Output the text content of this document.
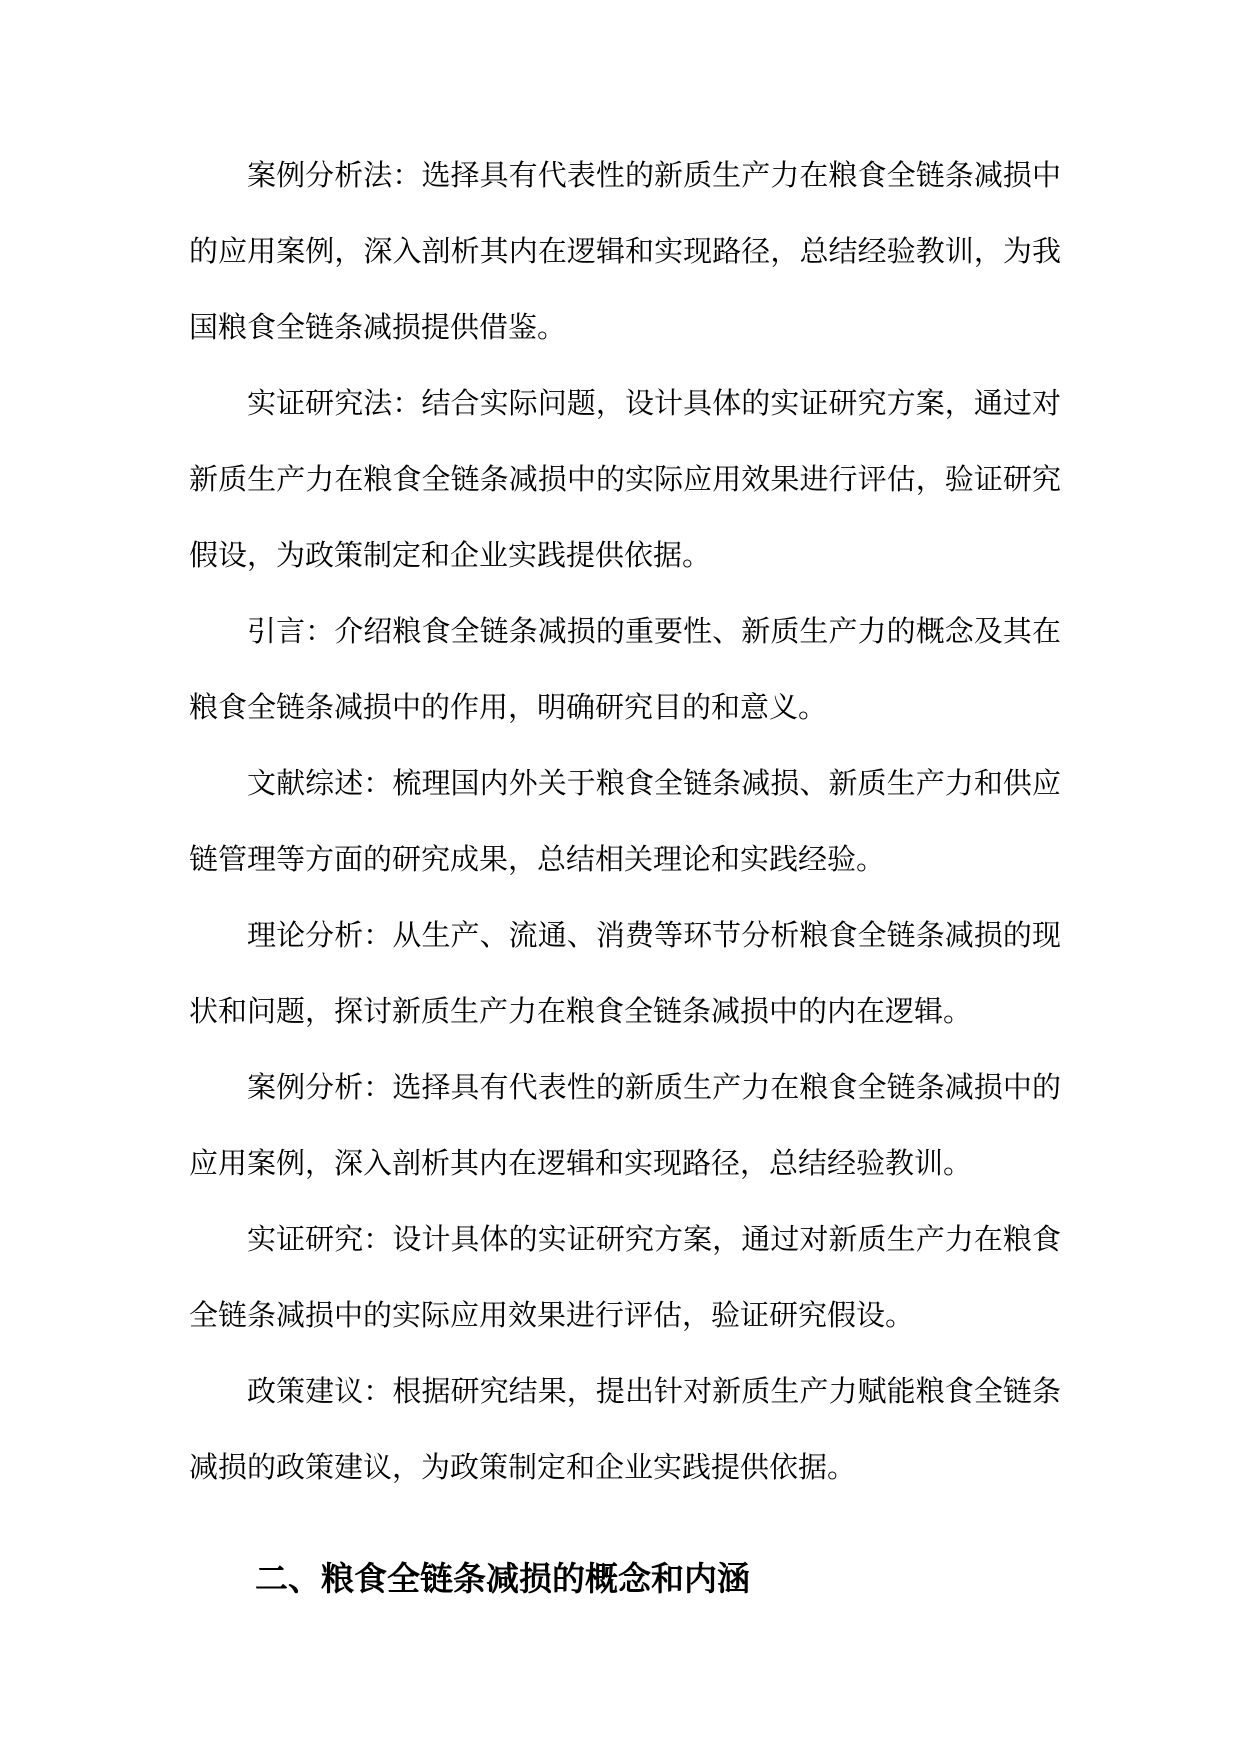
案例分析法：选择具有代表性的新质生产力在粮食全链条减损中的应用案例，深入剖析其内在逻辑和实现路径，总结经验教训，为我国粮食全链条减损提供借鉴。

实证研究法：结合实际问题，设计具体的实证研究方案，通过对新质生产力在粮食全链条减损中的实际应用效果进行评估，验证研究假设，为政策制定和企业实践提供依据。

引言：介绍粮食全链条减损的重要性、新质生产力的概念及其在粮食全链条减损中的作用，明确研究目的和意义。

文献综述：梳理国内外关于粮食全链条减损、新质生产力和供应链管理等方面的研究成果，总结相关理论和实践经验。

理论分析：从生产、流通、消费等环节分析粮食全链条减损的现状和问题，探讨新质生产力在粮食全链条减损中的内在逻辑。

案例分析：选择具有代表性的新质生产力在粮食全链条减损中的应用案例，深入剖析其内在逻辑和实现路径，总结经验教训。

实证研究：设计具体的实证研究方案，通过对新质生产力在粮食全链条减损中的实际应用效果进行评估，验证研究假设。

政策建议：根据研究结果，提出针对新质生产力赋能粮食全链条减损的政策建议，为政策制定和企业实践提供依据。

二、粮食全链条减损的概念和内涵
